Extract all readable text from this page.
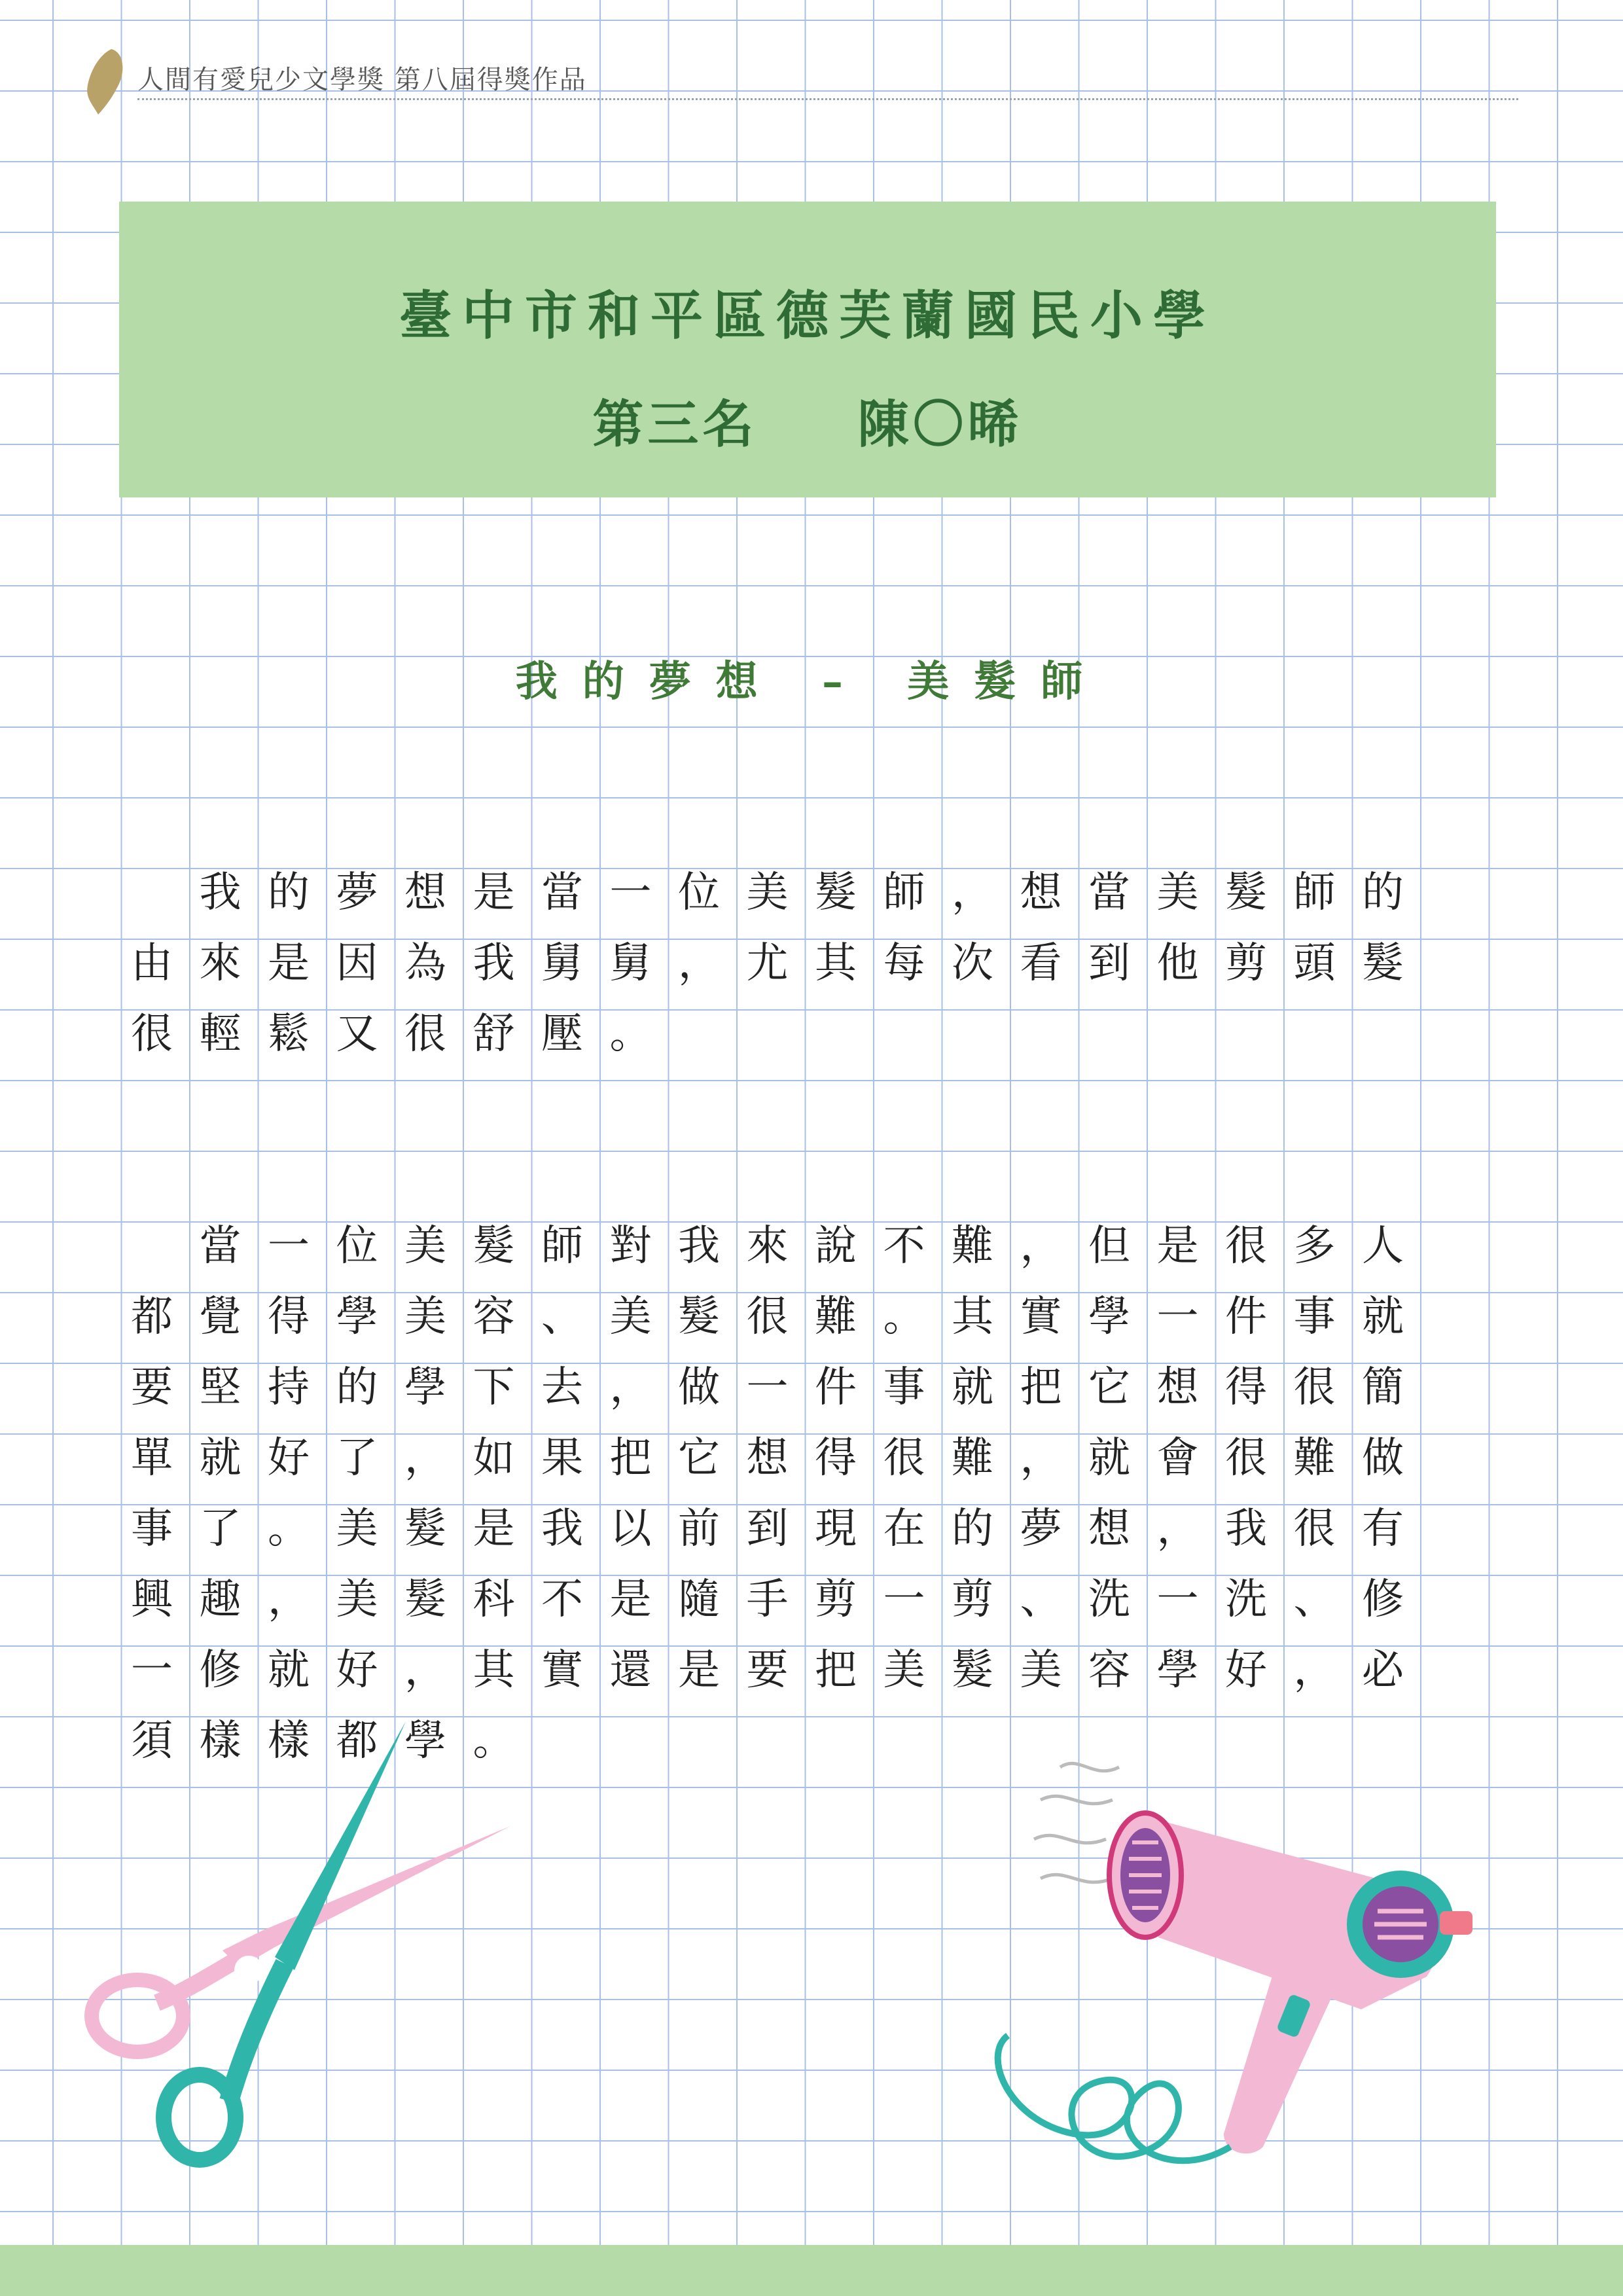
人間有愛兒少文學獎 第八屆得獎作品
臺中市和平區德芙蘭國民小學
第三名 陳〇晞
我的夢想 – 美髮師
我的夢想是當一位美髮師，想當美髮師的由來是因為我舅舅，尤其每次看到他剪頭髮很輕鬆又很舒壓。
當一位美髮師對我來說不難，但是很多人都覺得學美容、美髮很難。其實學一件事就要堅持的學下去，做一件事就把它想得很簡單就好了，如果把它想得很難，就會很難做事了。美髮是我以前到現在的夢想，我很有興趣，美髮科不是隨手剪一剪、洗一洗、修一修就好，其實還是要把美髮美容學好，必須樣樣都學。
